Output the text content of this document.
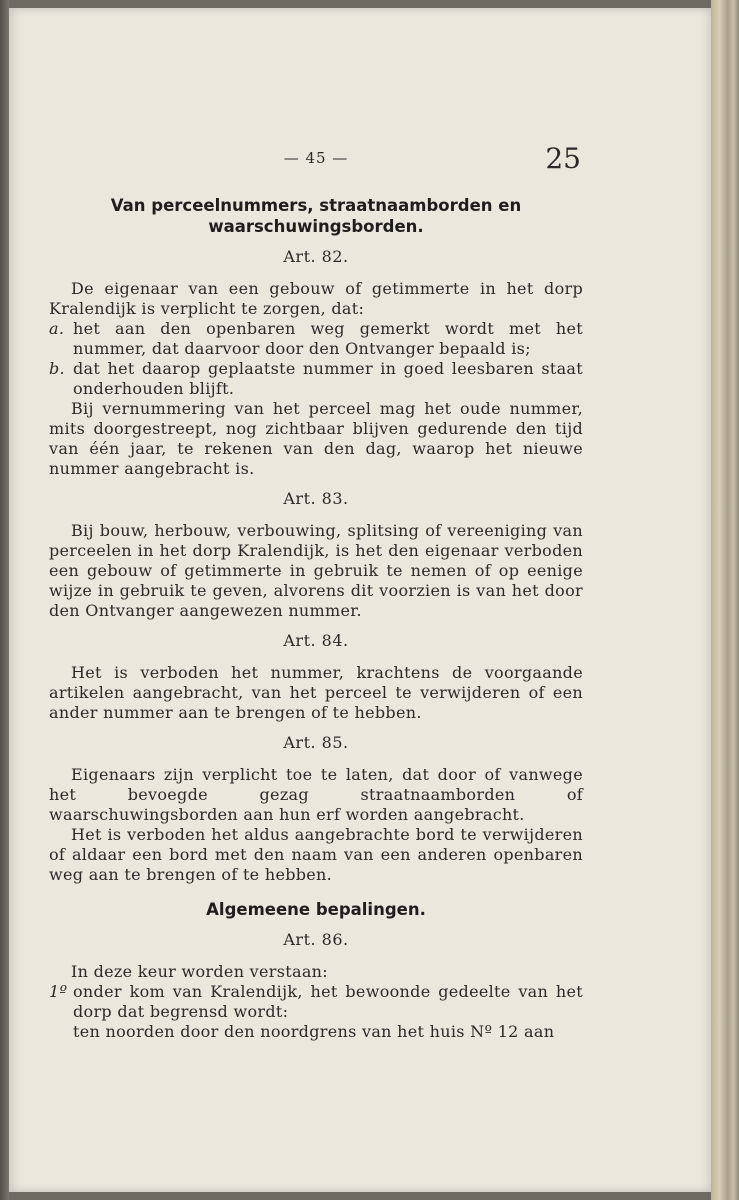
— 45 —	25
Van perceelnummers, straatnaamborden en waarschuwingsborden.
Art. 82.

De eigenaar van een gebouw of getimmerte in het dorp Kralendijk is verplicht te zorgen, dat:

a. het aan den openbaren weg gemerkt wordt met het nummer, dat daarvoor door den Ontvanger bepaald is;
b. dat het daarop geplaatste nummer in goed leesbaren staat onderhouden blijft.

Bij vernummering van het perceel mag het oude nummer, mits doorgestreept, nog zichtbaar blijven gedurende den tijd van één jaar, te rekenen van den dag, waarop het nieuwe nummer aangebracht is.

Art. 83.

Bij bouw, herbouw, verbouwing, splitsing of vereeniging van perceelen in het dorp Kralendijk, is het den eigenaar verboden een gebouw of getimmerte in gebruik te nemen of op eenige wijze in gebruik te geven, alvorens dit voorzien is van het door den Ontvanger aangewezen nummer.

Art. 84.

Het is verboden het nummer, krachtens de voorgaande artikelen aangebracht, van het perceel te verwijderen of een ander nummer aan te brengen of te hebben.

Art. 85.

Eigenaars zijn verplicht toe te laten, dat door of vanwege het bevoegde gezag straatnaamborden of waarschuwingsborden aan hun erf worden aangebracht.

Het is verboden het aldus aangebrachte bord te verwijderen of aldaar een bord met den naam van een anderen openbaren weg aan te brengen of te hebben.

Algemeene bepalingen.
Art. 86.

In deze keur worden verstaan:

1º onder kom van Kralendijk, het bewoonde gedeelte van het dorp dat begrensd wordt:
ten noorden door den noordgrens van het huis Nº 12 aan
